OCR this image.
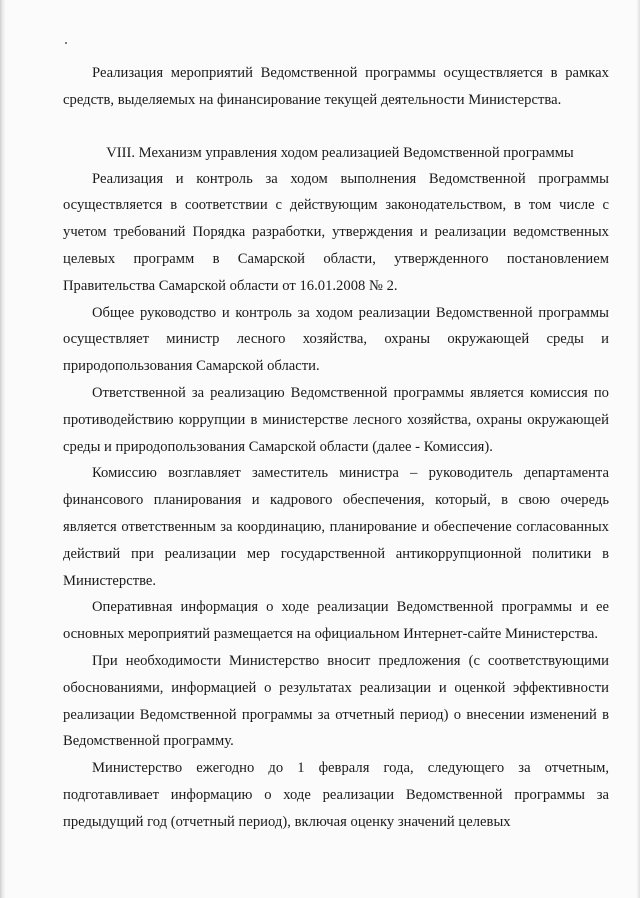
Реализация мероприятий Ведомственной программы осуществляется в рамках средств, выделяемых на финансирование текущей деятельности Министерства.

VIII. Механизм управления ходом реализацией Ведомственной программы

Реализация и контроль за ходом выполнения Ведомственной программы осуществляется в соответствии с действующим законодательством, в том числе с учетом требований Порядка разработки, утверждения и реализации ведомственных целевых программ в Самарской области, утвержденного постановлением Правительства Самарской области от 16.01.2008 № 2.

Общее руководство и контроль за ходом реализации Ведомственной программы осуществляет министр лесного хозяйства, охраны окружающей среды и природопользования Самарской области.

Ответственной за реализацию Ведомственной программы является комиссия по противодействию коррупции в министерстве лесного хозяйства, охраны окружающей среды и природопользования Самарской области (далее - Комиссия).

Комиссию возглавляет заместитель министра – руководитель департамента финансового планирования и кадрового обеспечения, который, в свою очередь является ответственным за координацию, планирование и обеспечение согласованных действий при реализации мер государственной антикоррупционной политики в Министерстве.

Оперативная информация о ходе реализации Ведомственной программы и ее основных мероприятий размещается на официальном Интернет-сайте Министерства.

При необходимости Министерство вносит предложения (с соответствующими обоснованиями, информацией о результатах реализации и оценкой эффективности реализации Ведомственной программы за отчетный период) о внесении изменений в Ведомственной программу.

Министерство ежегодно до 1 февраля года, следующего за отчетным, подготавливает информацию о ходе реализации Ведомственной программы за предыдущий год (отчетный период), включая оценку значений целевых
